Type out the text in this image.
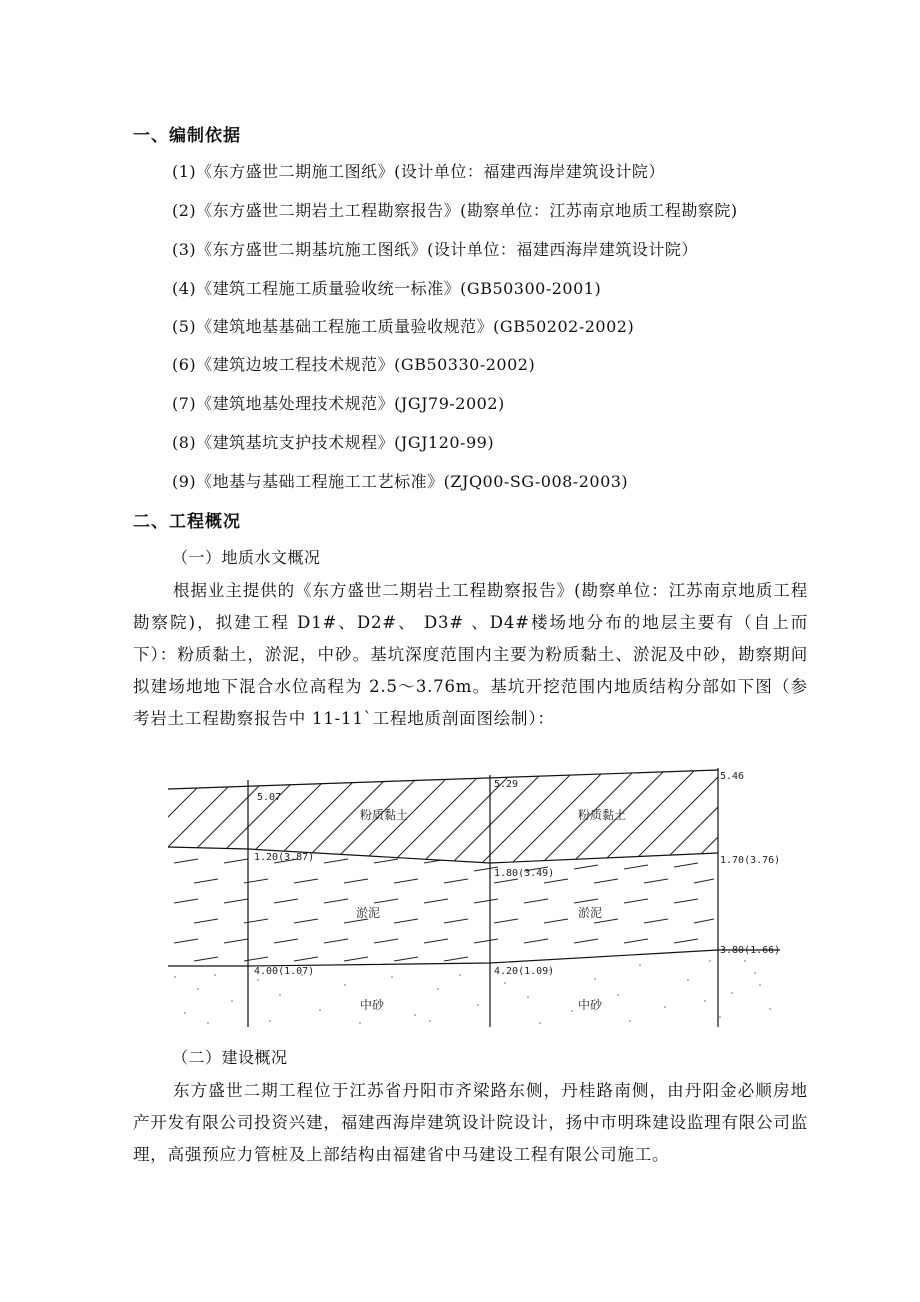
一、编制依据
(1)《东方盛世二期施工图纸》(设计单位：福建西海岸建筑设计院）
(2)《东方盛世二期岩土工程勘察报告》(勘察单位：江苏南京地质工程勘察院)
(3)《东方盛世二期基坑施工图纸》(设计单位：福建西海岸建筑设计院）
(4)《建筑工程施工质量验收统一标准》(GB50300-2001)
(5)《建筑地基基础工程施工质量验收规范》(GB50202-2002)
(6)《建筑边坡工程技术规范》(GB50330-2002)
(7)《建筑地基处理技术规范》(JGJ79-2002)
(8)《建筑基坑支护技术规程》(JGJ120-99)
(9)《地基与基础工程施工工艺标准》(ZJQ00-SG-008-2003)
二、工程概况
（一）地质水文概况

根据业主提供的《东方盛世二期岩土工程勘察报告》(勘察单位：江苏南京地质工程勘察院)，拟建工程 D1#、D2#、 D3# 、D4#楼场地分布的地层主要有（自上而下）：粉质黏土，淤泥，中砂。基坑深度范围内主要为粉质黏土、淤泥及中砂，勘察期间拟建场地地下混合水位高程为 2.5～3.76m。基坑开挖范围内地质结构分部如下图（参考岩土工程勘察报告中 11-11`工程地质剖面图绘制）：

5.07
5.29
5.46
粉质黏土	粉质黏土
1.20(3.87)
1.80(3.49)
1.70(3.76)
淤泥	淤泥
4.00(1.07)	4.20(1.09)
3.80(1.66)
中砂	中砂
（二）建设概况

东方盛世二期工程位于江苏省丹阳市齐梁路东侧，丹桂路南侧，由丹阳金必顺房地产开发有限公司投资兴建，福建西海岸建筑设计院设计，扬中市明珠建设监理有限公司监理，高强预应力管桩及上部结构由福建省中马建设工程有限公司施工。
